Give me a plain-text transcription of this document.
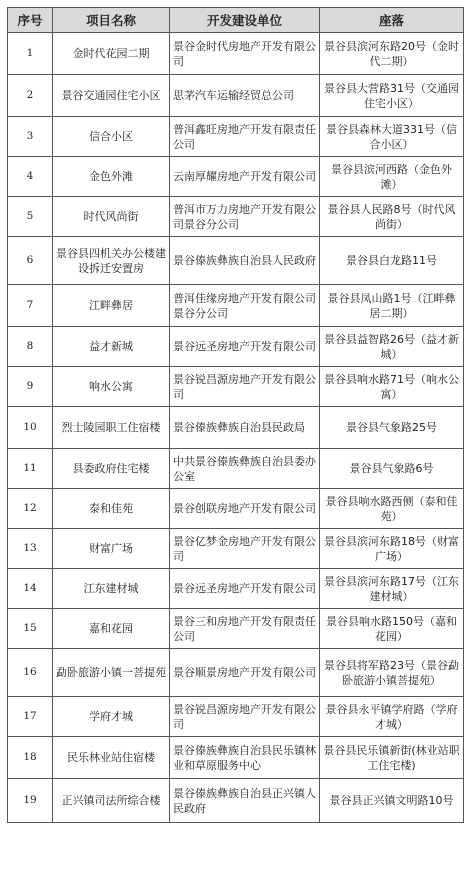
序号	项目名称	开发建设单位	座落
1	金时代花园二期	景谷金时代房地产开发有限公司	景谷县滨河东路20号（金时代二期）
2	景谷交通园住宅小区	思茅汽车运输经贸总公司	景谷县大营路31号（交通园住宅小区）
3	信合小区	普洱鑫旺房地产开发有限责任公司	景谷县森林大道331号（信合小区）
4	金色外滩	云南厚耀房地产开发有限公司	景谷县滨河西路（金色外滩）
5	时代风尚街	普洱市万力房地产开发有限公司景谷分公司	景谷县人民路8号（时代风尚街）
6	景谷县四机关办公楼建设拆迁安置房	景谷傣族彝族自治县人民政府	景谷县白龙路11号
7	江畔彝居	普洱佳缘房地产开发有限公司景谷分公司	景谷县凤山路1号（江畔彝居二期）
8	益才新城	景谷远圣房地产开发有限公司	景谷县益智路26号（益才新城）
9	响水公寓	景谷锐昌源房地产开发有限公司	景谷县响水路71号（响水公寓）
10	烈士陵园职工住宿楼	景谷傣族彝族自治县民政局	景谷县气象路25号
11	县委政府住宅楼	中共景谷傣族彝族自治县委办公室	景谷县气象路6号
12	泰和佳苑	景谷创联房地产开发有限公司	景谷县响水路西侧（泰和佳苑）
13	财富广场	景谷亿梦金房地产开发有限公司	景谷县滨河东路18号（财富广场）
14	江东建材城	景谷远圣房地产开发有限公司	景谷县滨河东路17号（江东建材城）
15	嘉和花园	景谷三和房地产开发有限责任公司	景谷县响水路150号（嘉和花园）
16	勐卧旅游小镇一菩提苑	景谷顺景房地产开发有限公司	景谷县将军路23号（景谷勐卧旅游小镇菩提苑）
17	学府才城	景谷锐昌源房地产开发有限公司	景谷县永平镇学府路（学府才城）
18	民乐林业站住宿楼	景谷傣族彝族自治县民乐镇林业和草原服务中心	景谷县民乐镇新街(林业站职工住宅楼)
19	正兴镇司法所综合楼	景谷傣族彝族自治县正兴镇人民政府	景谷县正兴镇文明路10号
